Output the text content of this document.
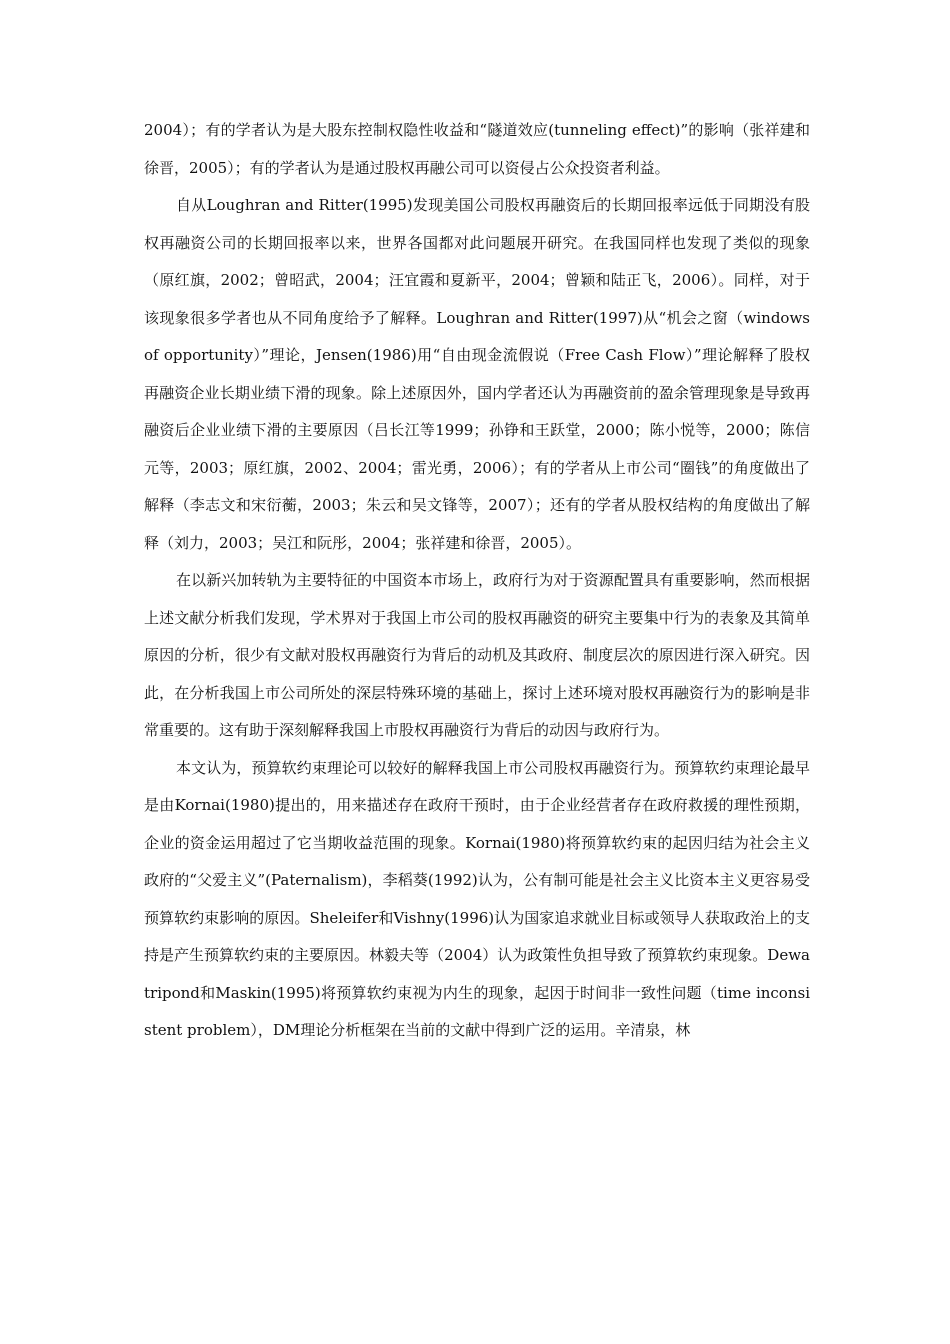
2004）；有的学者认为是大股东控制权隐性收益和“隧道效应(tunneling effect)”的影响（张祥建和徐晋，2005）；有的学者认为是通过股权再融公司可以资侵占公众投资者利益。

自从Loughran and Ritter(1995)发现美国公司股权再融资后的长期回报率远低于同期没有股权再融资公司的长期回报率以来，世界各国都对此问题展开研究。在我国同样也发现了类似的现象（原红旗，2002；曾昭武，2004；汪宜霞和夏新平，2004；曾颖和陆正飞，2006）。同样，对于该现象很多学者也从不同角度给予了解释。Loughran and Ritter(1997)从“机会之窗（windows of opportunity）”理论，Jensen(1986)用“自由现金流假说（Free Cash Flow）”理论解释了股权再融资企业长期业绩下滑的现象。除上述原因外，国内学者还认为再融资前的盈余管理现象是导致再融资后企业业绩下滑的主要原因（吕长江等1999；孙铮和王跃堂，2000；陈小悦等，2000；陈信元等，2003；原红旗，2002、2004；雷光勇，2006）；有的学者从上市公司“圈钱”的角度做出了解释（李志文和宋衍蘅，2003；朱云和吴文锋等，2007）；还有的学者从股权结构的角度做出了解释（刘力，2003；吴江和阮彤，2004；张祥建和徐晋，2005）。

在以新兴加转轨为主要特征的中国资本市场上，政府行为对于资源配置具有重要影响，然而根据上述文献分析我们发现，学术界对于我国上市公司的股权再融资的研究主要集中行为的表象及其简单原因的分析，很少有文献对股权再融资行为背后的动机及其政府、制度层次的原因进行深入研究。因此，在分析我国上市公司所处的深层特殊环境的基础上，探讨上述环境对股权再融资行为的影响是非常重要的。这有助于深刻解释我国上市股权再融资行为背后的动因与政府行为。

本文认为，预算软约束理论可以较好的解释我国上市公司股权再融资行为。预算软约束理论最早是由Kornai(1980)提出的，用来描述存在政府干预时，由于企业经营者存在政府救援的理性预期，企业的资金运用超过了它当期收益范围的现象。Kornai(1980)将预算软约束的起因归结为社会主义政府的“父爱主义”(Paternalism)，李稻葵(1992)认为，公有制可能是社会主义比资本主义更容易受预算软约束影响的原因。Sheleifer和Vishny(1996)认为国家追求就业目标或领导人获取政治上的支持是产生预算软约束的主要原因。林毅夫等（2004）认为政策性负担导致了预算软约束现象。Dewatripond和Maskin(1995)将预算软约束视为内生的现象，起因于时间非一致性问题（time inconsistent problem），DM理论分析框架在当前的文献中得到广泛的运用。辛清泉，林
